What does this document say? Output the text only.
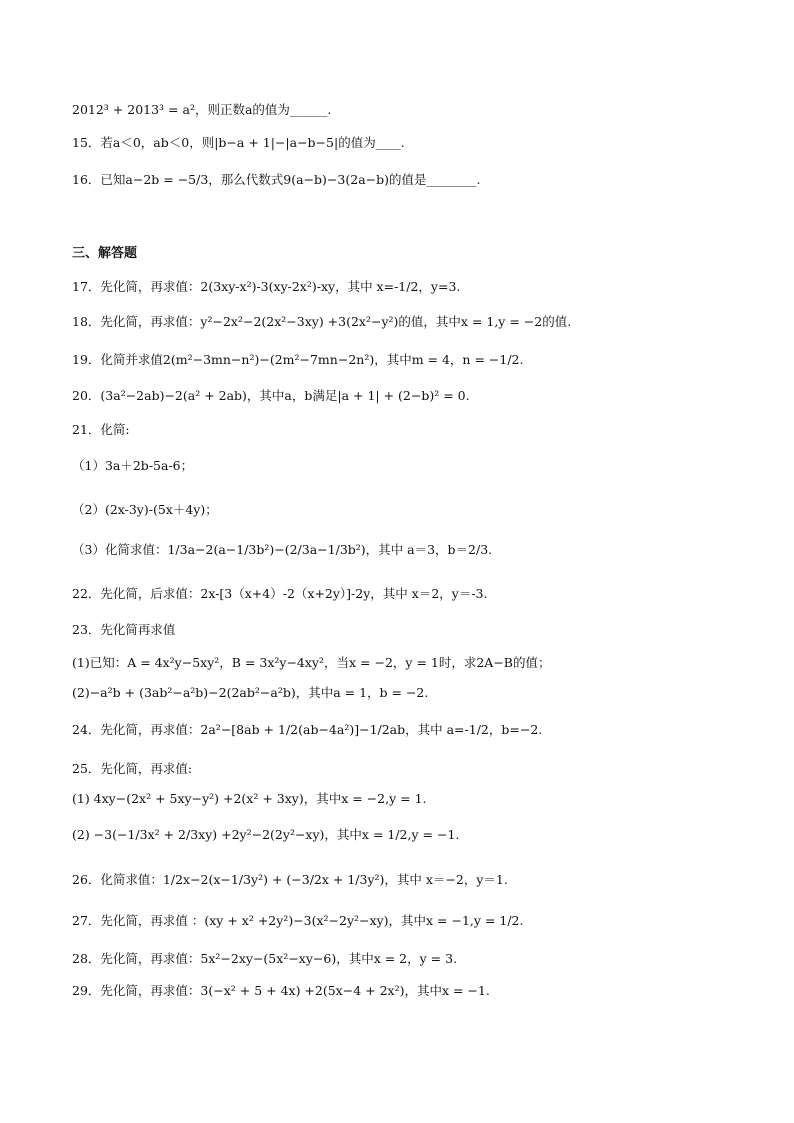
2012³ + 2013³ = a²，则正数a的值为______.
15．若a＜0，ab＜0，则|b−a + 1|−|a−b−5|的值为____.
16．已知a−2b = −5/3，那么代数式9(a−b)−3(2a−b)的值是________.
三、解答题
17．先化简，再求值：2(3xy-x²)-3(xy-2x²)-xy，其中 x=-1/2，y=3.
18．先化简，再求值：y²−2x²−2(2x²−3xy) +3(2x²−y²)的值，其中x = 1,y = −2的值.
19．化简并求值2(m²−3mn−n²)−(2m²−7mn−2n²)，其中m = 4，n = −1/2.
20．(3a²−2ab)−2(a² + 2ab)，其中a，b满足|a + 1| + (2−b)² = 0.
21．化简:
（1）3a＋2b-5a-6；
（2）(2x-3y)-(5x＋4y)；
（3）化简求值：1/3a−2(a−1/3b²)−(2/3a−1/3b²)，其中 a＝3，b＝2/3.
22．先化简，后求值：2x-[3（x+4）-2（x+2y）]-2y，其中 x＝2，y＝-3.
23．先化简再求值
(1)已知：A = 4x²y−5xy²，B = 3x²y−4xy²，当x = −2，y = 1时，求2A−B的值；
(2)−a²b + (3ab²−a²b)−2(2ab²−a²b)，其中a = 1，b = −2.
24．先化简，再求值：2a²−[8ab + 1/2(ab−4a²)]−1/2ab，其中 a=-1/2，b=−2.
25．先化简，再求值:
(1) 4xy−(2x² + 5xy−y²) +2(x² + 3xy)，其中x = −2,y = 1.
(2) −3(−1/3x² + 2/3xy) +2y²−2(2y²−xy)，其中x = 1/2,y = −1.
26．化简求值：1/2x−2(x−1/3y²) + (−3/2x + 1/3y²)，其中 x＝−2，y＝1.
27．先化简，再求值 ：(xy + x² +2y²)−3(x²−2y²−xy)，其中x = −1,y = 1/2.
28．先化简，再求值：5x²−2xy−(5x²−xy−6)，其中x = 2，y = 3.
29．先化简，再求值：3(−x² + 5 + 4x) +2(5x−4 + 2x²)，其中x = −1.
